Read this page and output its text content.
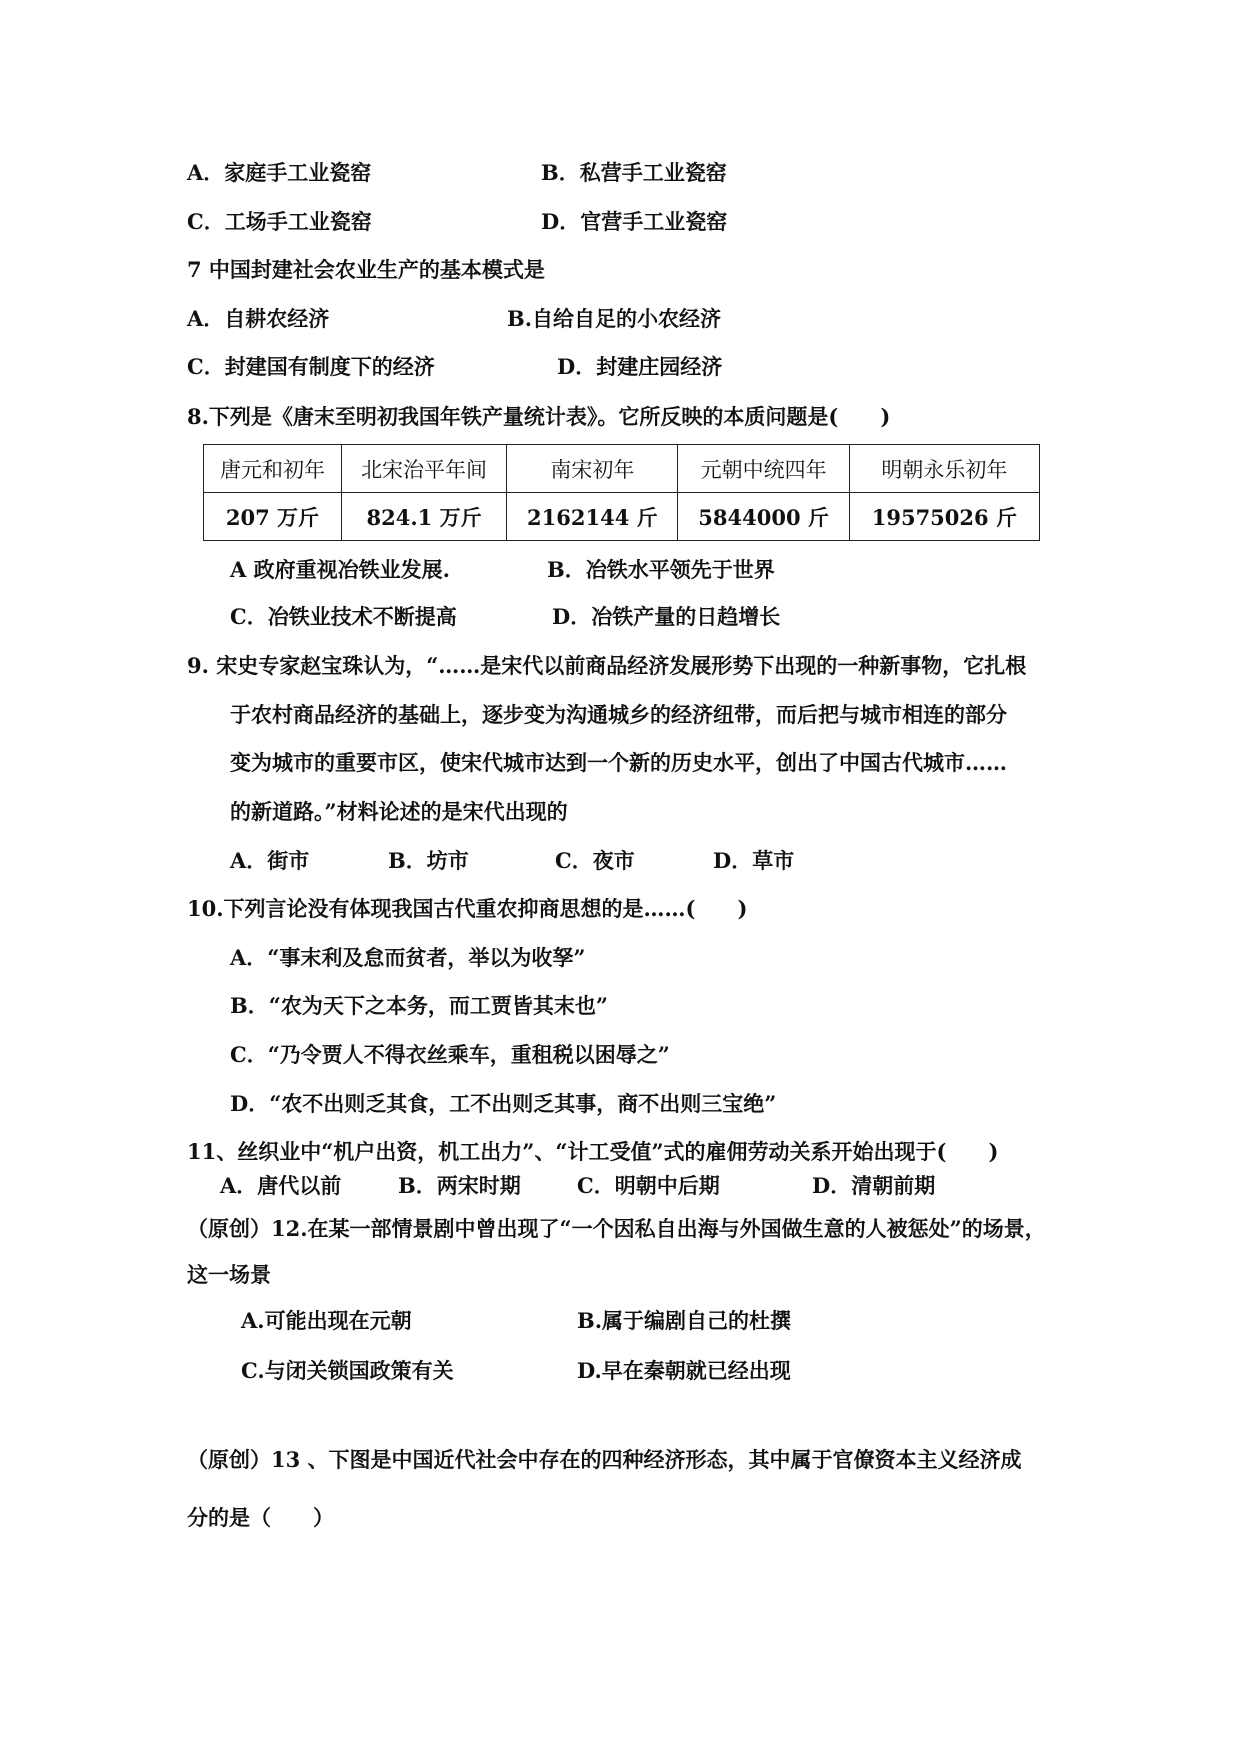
A．家庭手工业瓷窑	B．私营手工业瓷窑
C．工场手工业瓷窑	D．官营手工业瓷窑
7 中国封建社会农业生产的基本模式是
A．自耕农经济	B.自给自足的小农经济
C．封建国有制度下的经济	D．封建庄园经济
8.下列是《唐末至明初我国年铁产量统计表》。它所反映的本质问题是(　　)
唐元和初年	北宋治平年间	南宋初年	元朝中统四年	明朝永乐初年
207 万斤	824.1 万斤	2162144 斤	5844000 斤	19575026 斤
A 政府重视冶铁业发展.	B．冶铁水平领先于世界
C．冶铁业技术不断提高	D．冶铁产量的日趋增长
9. 宋史专家赵宝珠认为，“……是宋代以前商品经济发展形势下出现的一种新事物，它扎根
于农村商品经济的基础上，逐步变为沟通城乡的经济纽带，而后把与城市相连的部分
变为城市的重要市区，使宋代城市达到一个新的历史水平，创出了中国古代城市……
的新道路。”材料论述的是宋代出现的
A．街市	B．坊市	C．夜市	D．草市
10.下列言论没有体现我国古代重农抑商思想的是……(　　)
A．“事末利及怠而贫者，举以为收孥”
B．“农为天下之本务，而工贾皆其末也”
C．“乃令贾人不得衣丝乘车，重租税以困辱之”
D．“农不出则乏其食，工不出则乏其事，商不出则三宝绝”
11、丝织业中“机户出资，机工出力”、“计工受值”式的雇佣劳动关系开始出现于(　　)
A．唐代以前	B．两宋时期	C．明朝中后期	D．清朝前期
（原创）12.在某一部情景剧中曾出现了“一个因私自出海与外国做生意的人被惩处”的场景，
这一场景
A.可能出现在元朝	B.属于编剧自己的杜撰
C.与闭关锁国政策有关	D.早在秦朝就已经出现
（原创）13 、下图是中国近代社会中存在的四种经济形态，其中属于官僚资本主义经济成
分的是（　　）
